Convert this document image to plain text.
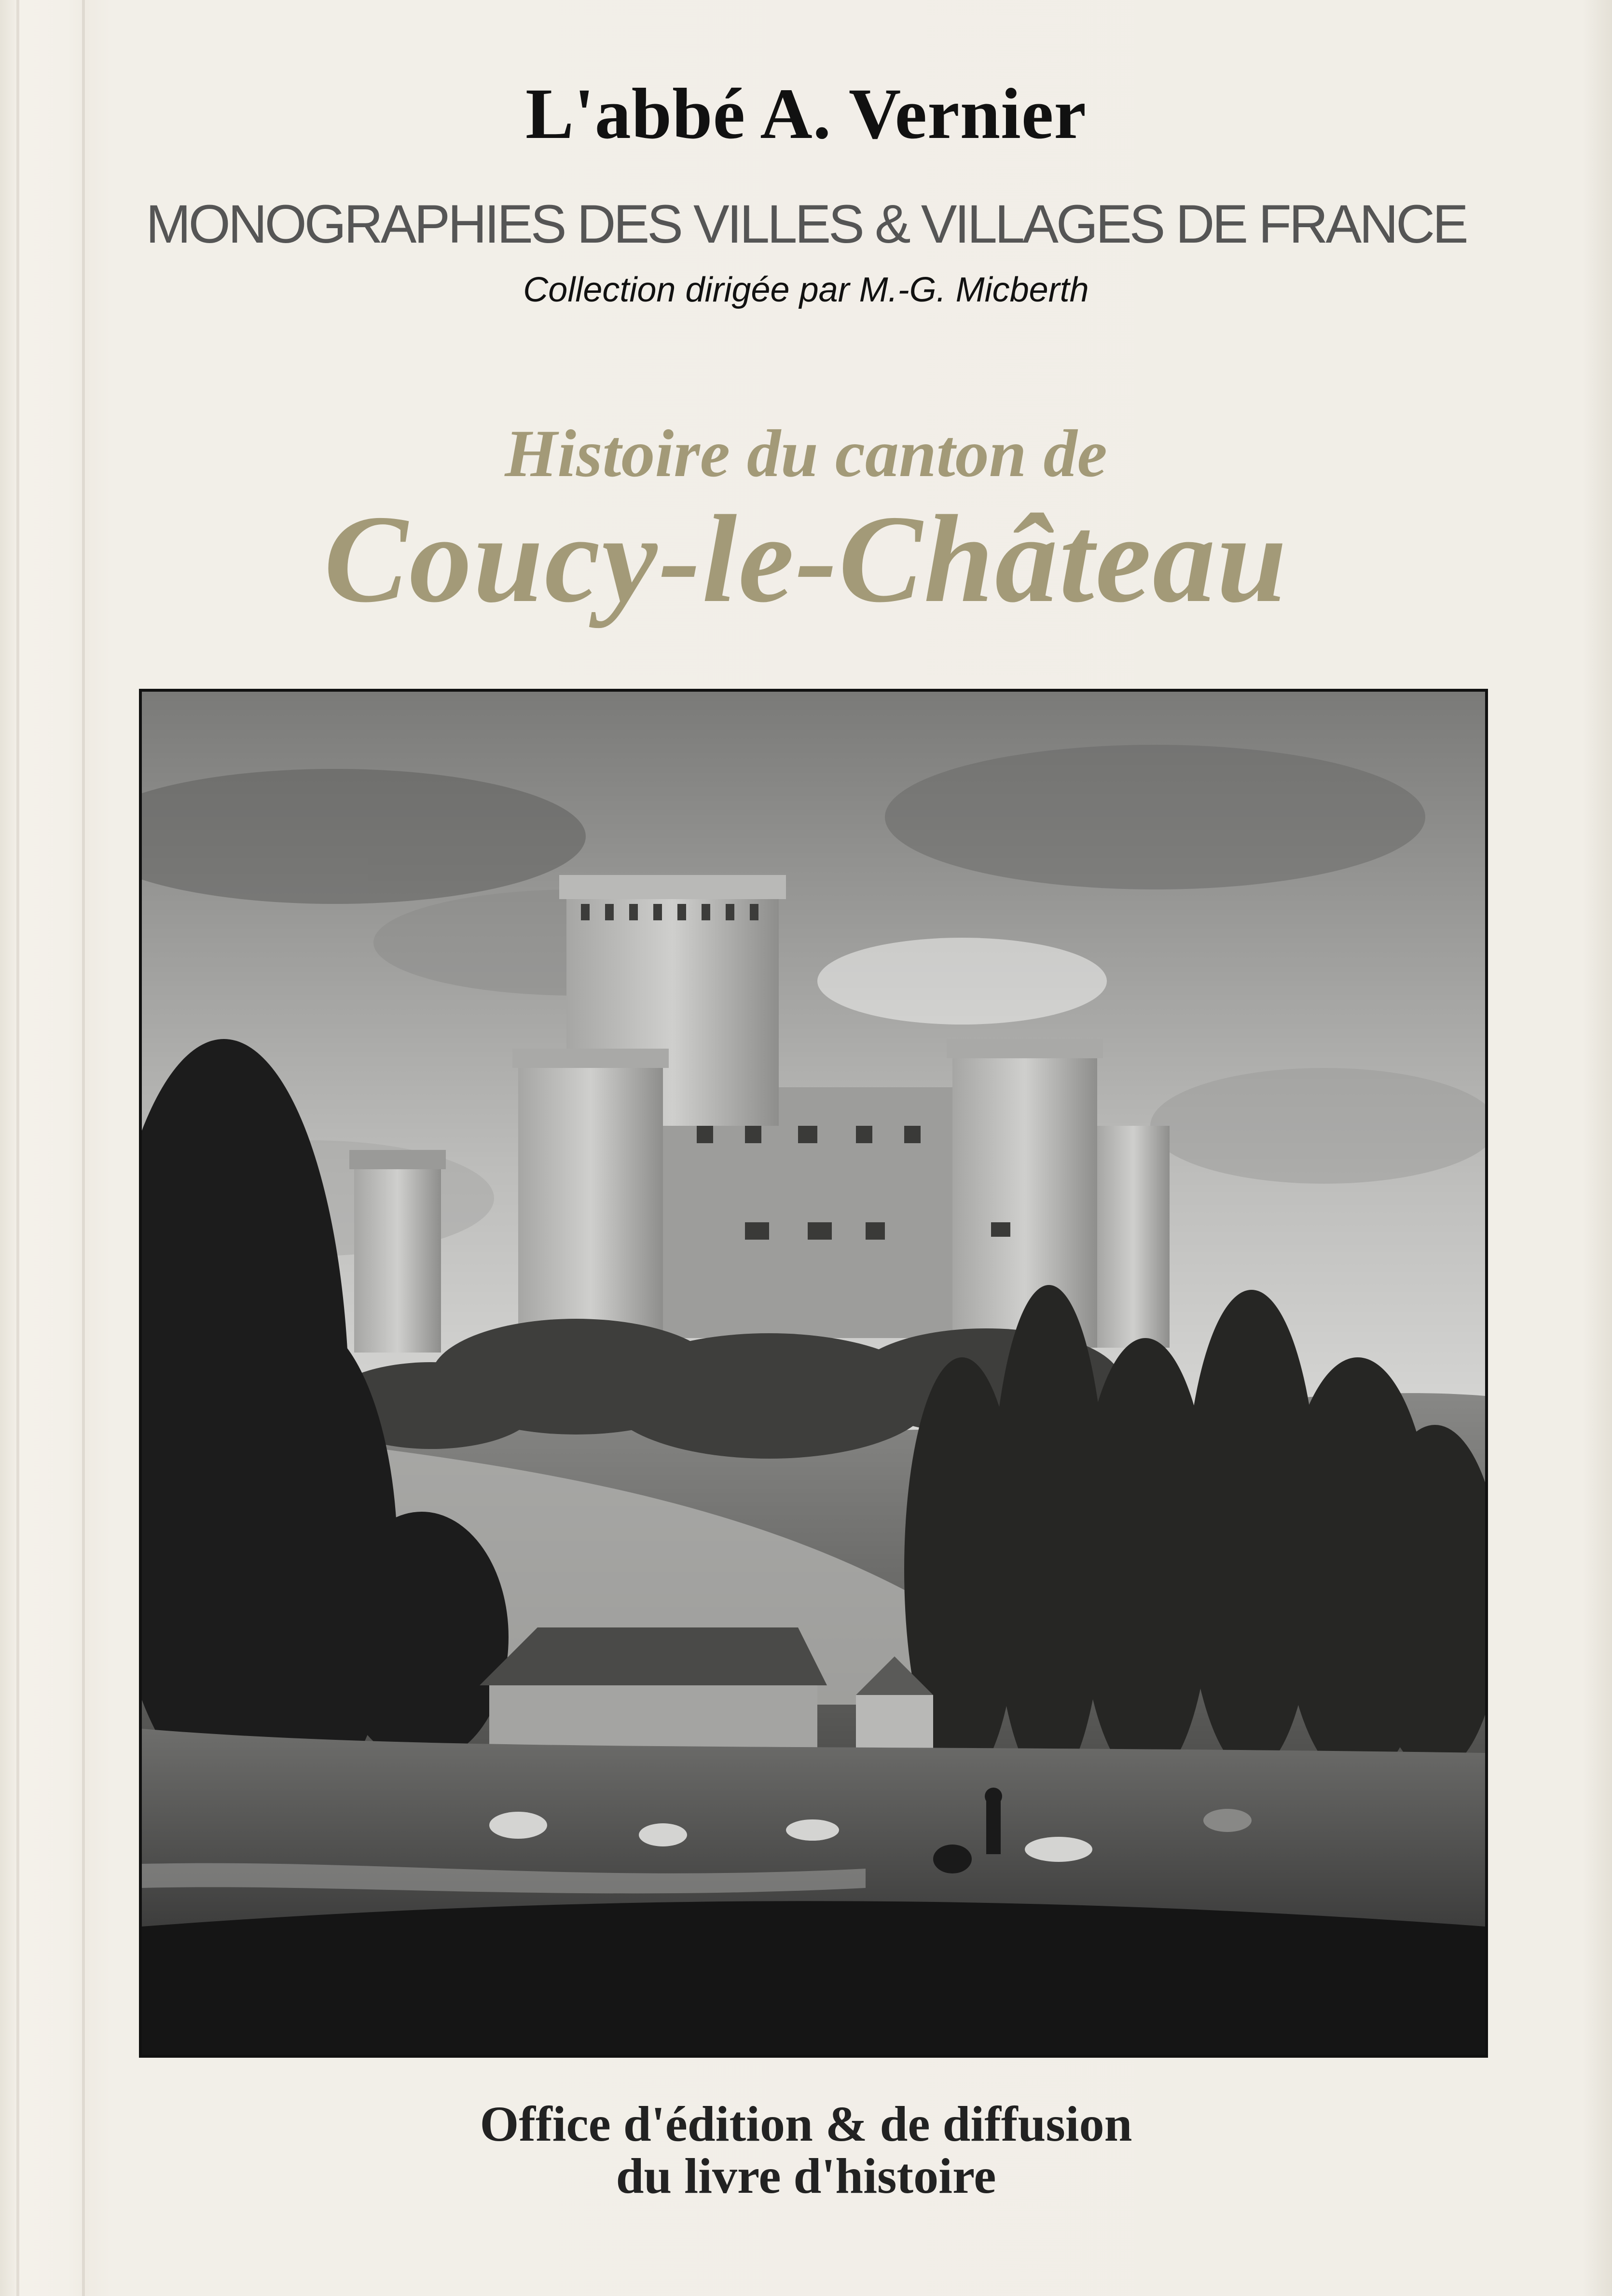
L'abbé A. Vernier
MONOGRAPHIES DES VILLES & VILLAGES DE FRANCE
Collection dirigée par M.-G. Micberth
Histoire du canton de
Coucy-le-Château
Office d'édition & de diffusion
du livre d'histoire
